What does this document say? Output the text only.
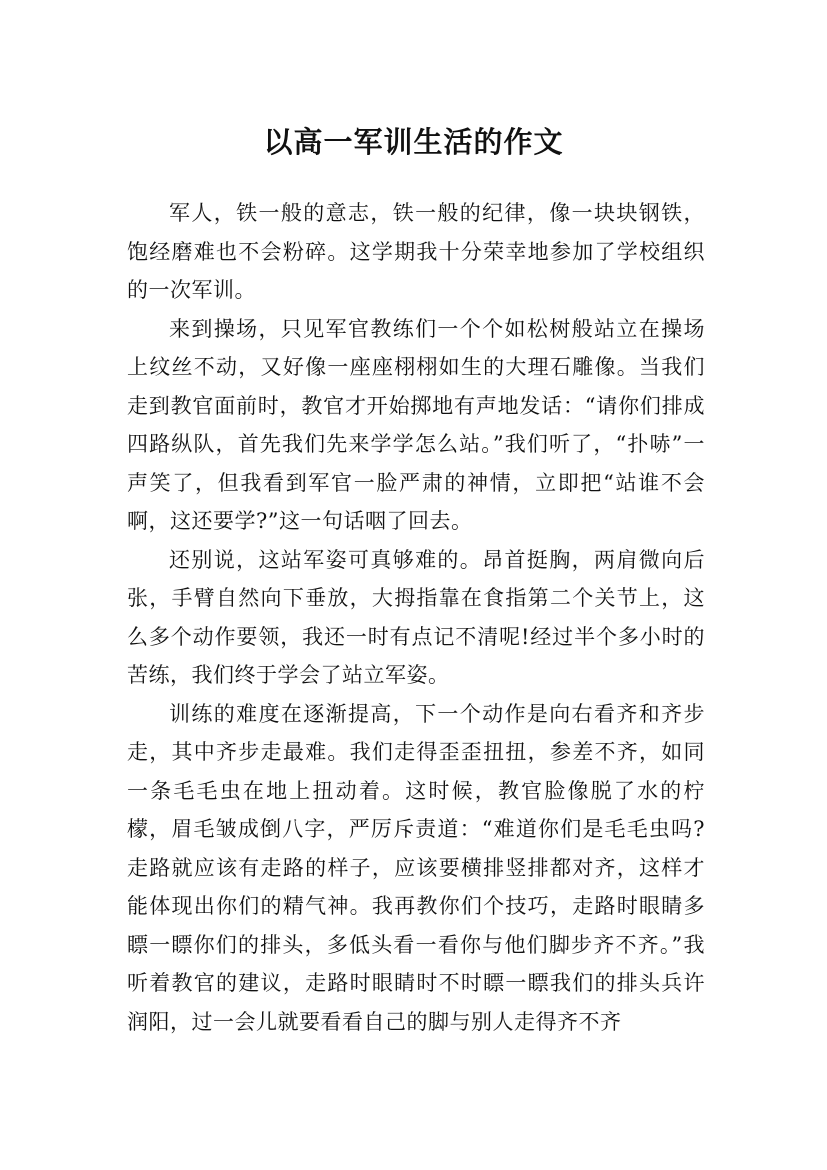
以高一军训生活的作文

军人，铁一般的意志，铁一般的纪律，像一块块钢铁，饱经磨难也不会粉碎。这学期我十分荣幸地参加了学校组织的一次军训。

来到操场，只见军官教练们一个个如松树般站立在操场上纹丝不动，又好像一座座栩栩如生的大理石雕像。当我们走到教官面前时，教官才开始掷地有声地发话：“请你们排成四路纵队，首先我们先来学学怎么站。”我们听了，“扑哧”一声笑了，但我看到军官一脸严肃的神情，立即把“站谁不会啊，这还要学?”这一句话咽了回去。

还别说，这站军姿可真够难的。昂首挺胸，两肩微向后张，手臂自然向下垂放，大拇指靠在食指第二个关节上，这么多个动作要领，我还一时有点记不清呢!经过半个多小时的苦练，我们终于学会了站立军姿。

训练的难度在逐渐提高，下一个动作是向右看齐和齐步走，其中齐步走最难。我们走得歪歪扭扭，参差不齐，如同一条毛毛虫在地上扭动着。这时候，教官脸像脱了水的柠檬，眉毛皱成倒八字，严厉斥责道：“难道你们是毛毛虫吗?走路就应该有走路的样子，应该要横排竖排都对齐，这样才能体现出你们的精气神。我再教你们个技巧，走路时眼睛多瞟一瞟你们的排头，多低头看一看你与他们脚步齐不齐。”我听着教官的建议，走路时眼睛时不时瞟一瞟我们的排头兵许润阳，过一会儿就要看看自己的脚与别人走得齐不齐
